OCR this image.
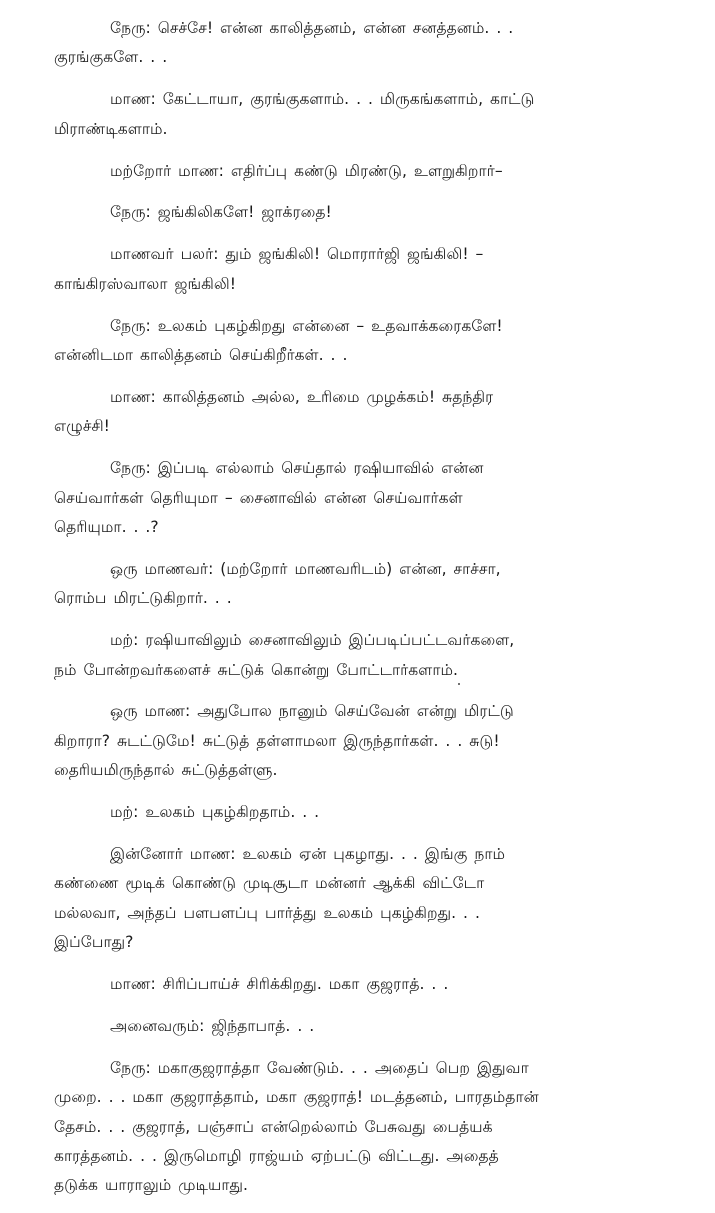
நேரு: செச்சே! என்ன காலித்தனம், என்ன சனத்தனம். . .
குரங்குகளே. . .
மாண: கேட்டாயா, குரங்குகளாம். . . மிருகங்களாம், காட்டு
மிராண்டிகளாம்.
மற்றோர் மாண: எதிர்ப்பு கண்டு மிரண்டு, உளறுகிறார்–
நேரு: ஜங்கிலிகளே! ஜாக்ரதை!
மாணவர் பலர்: தும் ஜங்கிலி! மொரார்ஜி ஜங்கிலி! –
காங்கிரஸ்வாலா ஜங்கிலி!
நேரு: உலகம் புகழ்கிறது என்னை – உதவாக்கரைகளே!
என்னிடமா காலித்தனம் செய்கிறீர்கள். . .
மாண: காலித்தனம் அல்ல, உரிமை முழக்கம்! சுதந்திர
எழுச்சி!
நேரு: இப்படி எல்லாம் செய்தால் ரஷியாவில் என்ன
செய்வார்கள் தெரியுமா – சைனாவில் என்ன செய்வார்கள்
தெரியுமா. . .?
ஒரு மாணவர்: (மற்றோர் மாணவரிடம்) என்ன, சாச்சா,
ரொம்ப மிரட்டுகிறார். . .
மற்: ரஷியாவிலும் சைனாவிலும் இப்படிப்பட்டவர்களை,
நம் போன்றவர்களைச் சுட்டுக் கொன்று போட்டார்களாம்.
ஒரு மாண: அதுபோல நானும் செய்வேன் என்று மிரட்டு
கிறாரா? சுடட்டுமே! சுட்டுத் தள்ளாமலா இருந்தார்கள். . . சுடு!
தைரியமிருந்தால் சுட்டுத்தள்ளு.
மற்: உலகம் புகழ்கிறதாம். . .
இன்னோர் மாண: உலகம் ஏன் புகழாது. . . இங்கு நாம்
கண்ணை மூடிக் கொண்டு முடிசூடா மன்னர் ஆக்கி விட்டோ
மல்லவா, அந்தப் பளபளப்பு பார்த்து உலகம் புகழ்கிறது. . .
இப்போது?
மாண: சிரிப்பாய்ச் சிரிக்கிறது. மகா குஜராத். . .
அனைவரும்: ஜிந்தாபாத். . .
நேரு: மகாகுஜராத்தா வேண்டும். . . அதைப் பெற இதுவா
முறை. . . மகா குஜராத்தாம், மகா குஜராத்! மடத்தனம், பாரதம்தான்
தேசம். . . குஜராத், பஞ்சாப் என்றெல்லாம் பேசுவது பைத்யக்
காரத்தனம். . . இருமொழி ராஜ்யம் ஏற்பட்டு விட்டது. அதைத்
தடுக்க யாராலும் முடியாது.
